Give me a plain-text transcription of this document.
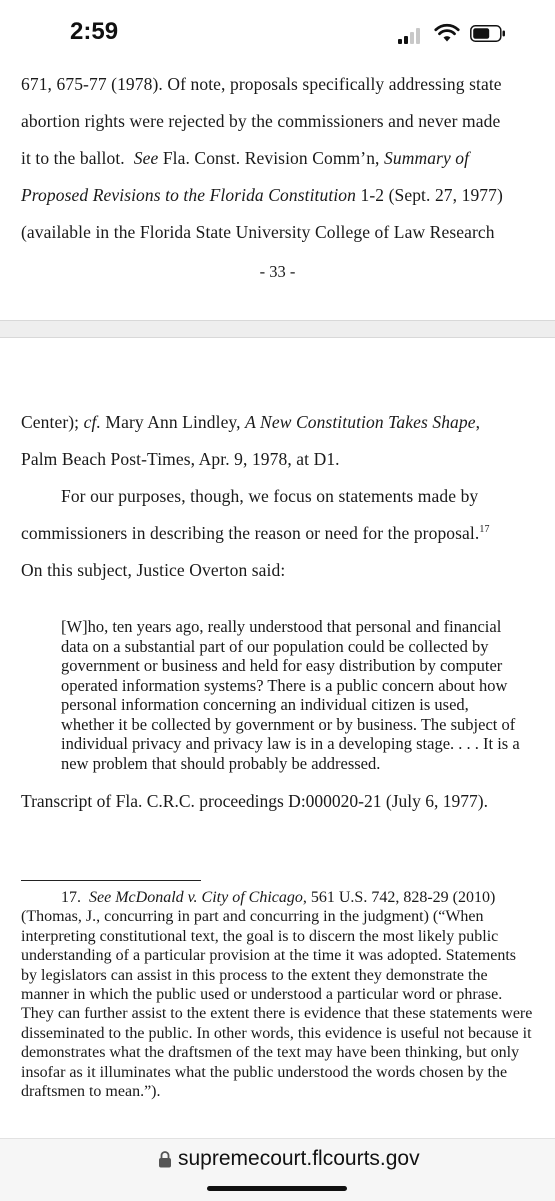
2:59
671, 675-77 (1978). Of note, proposals specifically addressing state
abortion rights were rejected by the commissioners and never made
it to the ballot. See Fla. Const. Revision Comm’n, Summary of
Proposed Revisions to the Florida Constitution 1-2 (Sept. 27, 1977)
(available in the Florida State University College of Law Research
- 33 -
Center); cf. Mary Ann Lindley, A New Constitution Takes Shape,
Palm Beach Post-Times, Apr. 9, 1978, at D1.
For our purposes, though, we focus on statements made by
commissioners in describing the reason or need for the proposal.$^{17}$
On this subject, Justice Overton said:

[W]ho, ten years ago, really understood that personal and financial data on a substantial part of our population could be collected by government or business and held for easy distribution by computer operated information systems? There is a public concern about how personal information concerning an individual citizen is used, whether it be collected by government or by business. The subject of individual privacy and privacy law is in a developing stage. . . . It is a new problem that should probably be addressed.

Transcript of Fla. C.R.C. proceedings D:000020-21 (July 6, 1977).

17. See McDonald v. City of Chicago, 561 U.S. 742, 828-29 (2010) (Thomas, J., concurring in part and concurring in the judgment) (“When interpreting constitutional text, the goal is to discern the most likely public understanding of a particular provision at the time it was adopted. Statements by legislators can assist in this process to the extent they demonstrate the manner in which the public used or understood a particular word or phrase. They can further assist to the extent there is evidence that these statements were disseminated to the public. In other words, this evidence is useful not because it demonstrates what the draftsmen of the text may have been thinking, but only insofar as it illuminates what the public understood the words chosen by the draftsmen to mean.”).

supremecourt.flcourts.gov
